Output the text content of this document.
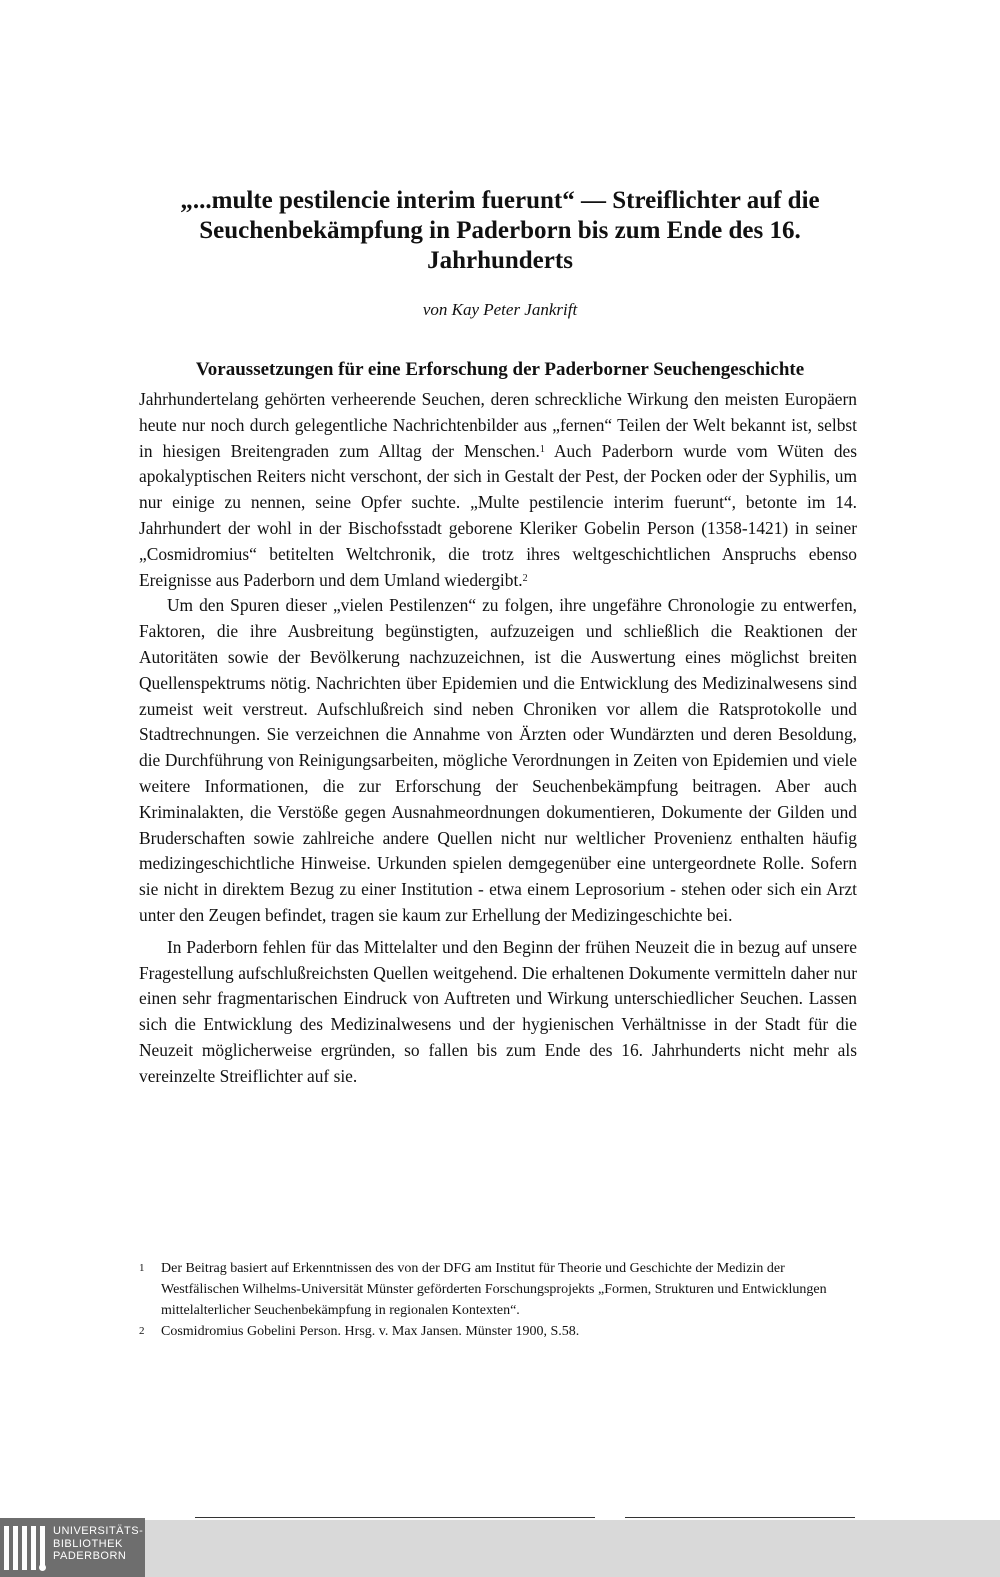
„...multe pestilencie interim fuerunt“ — Streiflichter auf die
Seuchenbekämpfung in Paderborn bis zum Ende des 16.
Jahrhunderts
von Kay Peter Jankrift
Voraussetzungen für eine Erforschung der Paderborner Seuchengeschichte

Jahrhundertelang gehörten verheerende Seuchen, deren schreckliche Wirkung den meisten Europäern heute nur noch durch gelegentliche Nachrichtenbilder aus „fernen“ Teilen der Welt bekannt ist, selbst in hiesigen Breitengraden zum Alltag der Menschen.$^1$ Auch Paderborn wurde vom Wüten des apokalyptischen Reiters nicht verschont, der sich in Gestalt der Pest, der Pocken oder der Syphilis, um nur einige zu nennen, seine Opfer suchte. „Multe pestilencie interim fuerunt“, betonte im 14. Jahrhundert der wohl in der Bischofsstadt geborene Kleriker Gobelin Person (1358-1421) in seiner „Cosmidromius“ betitelten Weltchronik, die trotz ihres weltgeschichtlichen Anspruchs ebenso Ereignisse aus Paderborn und dem Umland wiedergibt.$^2$

Um den Spuren dieser „vielen Pestilenzen“ zu folgen, ihre ungefähre Chronologie zu entwerfen, Faktoren, die ihre Ausbreitung begünstigten, aufzuzeigen und schließlich die Reaktionen der Autoritäten sowie der Bevölkerung nachzuzeichnen, ist die Auswertung eines möglichst breiten Quellenspektrums nötig. Nachrichten über Epidemien und die Entwicklung des Medizinalwesens sind zumeist weit verstreut. Aufschlußreich sind neben Chroniken vor allem die Ratsprotokolle und Stadtrechnungen. Sie verzeichnen die Annahme von Ärzten oder Wundärzten und deren Besoldung, die Durchführung von Reinigungsarbeiten, mögliche Verordnungen in Zeiten von Epidemien und viele weitere Informationen, die zur Erforschung der Seuchenbekämpfung beitragen. Aber auch Kriminalakten, die Verstöße gegen Ausnahmeordnungen dokumentieren, Dokumente der Gilden und Bruderschaften sowie zahlreiche andere Quellen nicht nur weltlicher Provenienz enthalten häufig medizingeschichtliche Hinweise. Urkunden spielen demgegenüber eine untergeordnete Rolle. Sofern sie nicht in direktem Bezug zu einer Institution - etwa einem Leprosorium - stehen oder sich ein Arzt unter den Zeugen befindet, tragen sie kaum zur Erhellung der Medizingeschichte bei.

In Paderborn fehlen für das Mittelalter und den Beginn der frühen Neuzeit die in bezug auf unsere Fragestellung aufschlußreichsten Quellen weitgehend. Die erhaltenen Dokumente vermitteln daher nur einen sehr fragmentarischen Eindruck von Auftreten und Wirkung unterschiedlicher Seuchen. Lassen sich die Entwicklung des Medizinalwesens und der hygienischen Verhältnisse in der Stadt für die Neuzeit möglicherweise ergründen, so fallen bis zum Ende des 16. Jahrhunderts nicht mehr als vereinzelte Streiflichter auf sie.

1	Der Beitrag basiert auf Erkenntnissen des von der DFG am Institut für Theorie und Geschichte der Medizin der Westfälischen Wilhelms-Universität Münster geförderten Forschungsprojekts „Formen, Strukturen und Entwicklungen mittelalterlicher Seuchenbekämpfung in regionalen Kontexten“.
2	Cosmidromius Gobelini Person. Hrsg. v. Max Jansen. Münster 1900, S.58.
UNIVERSITÄTS-
BIBLIOTHEK
PADERBORN
